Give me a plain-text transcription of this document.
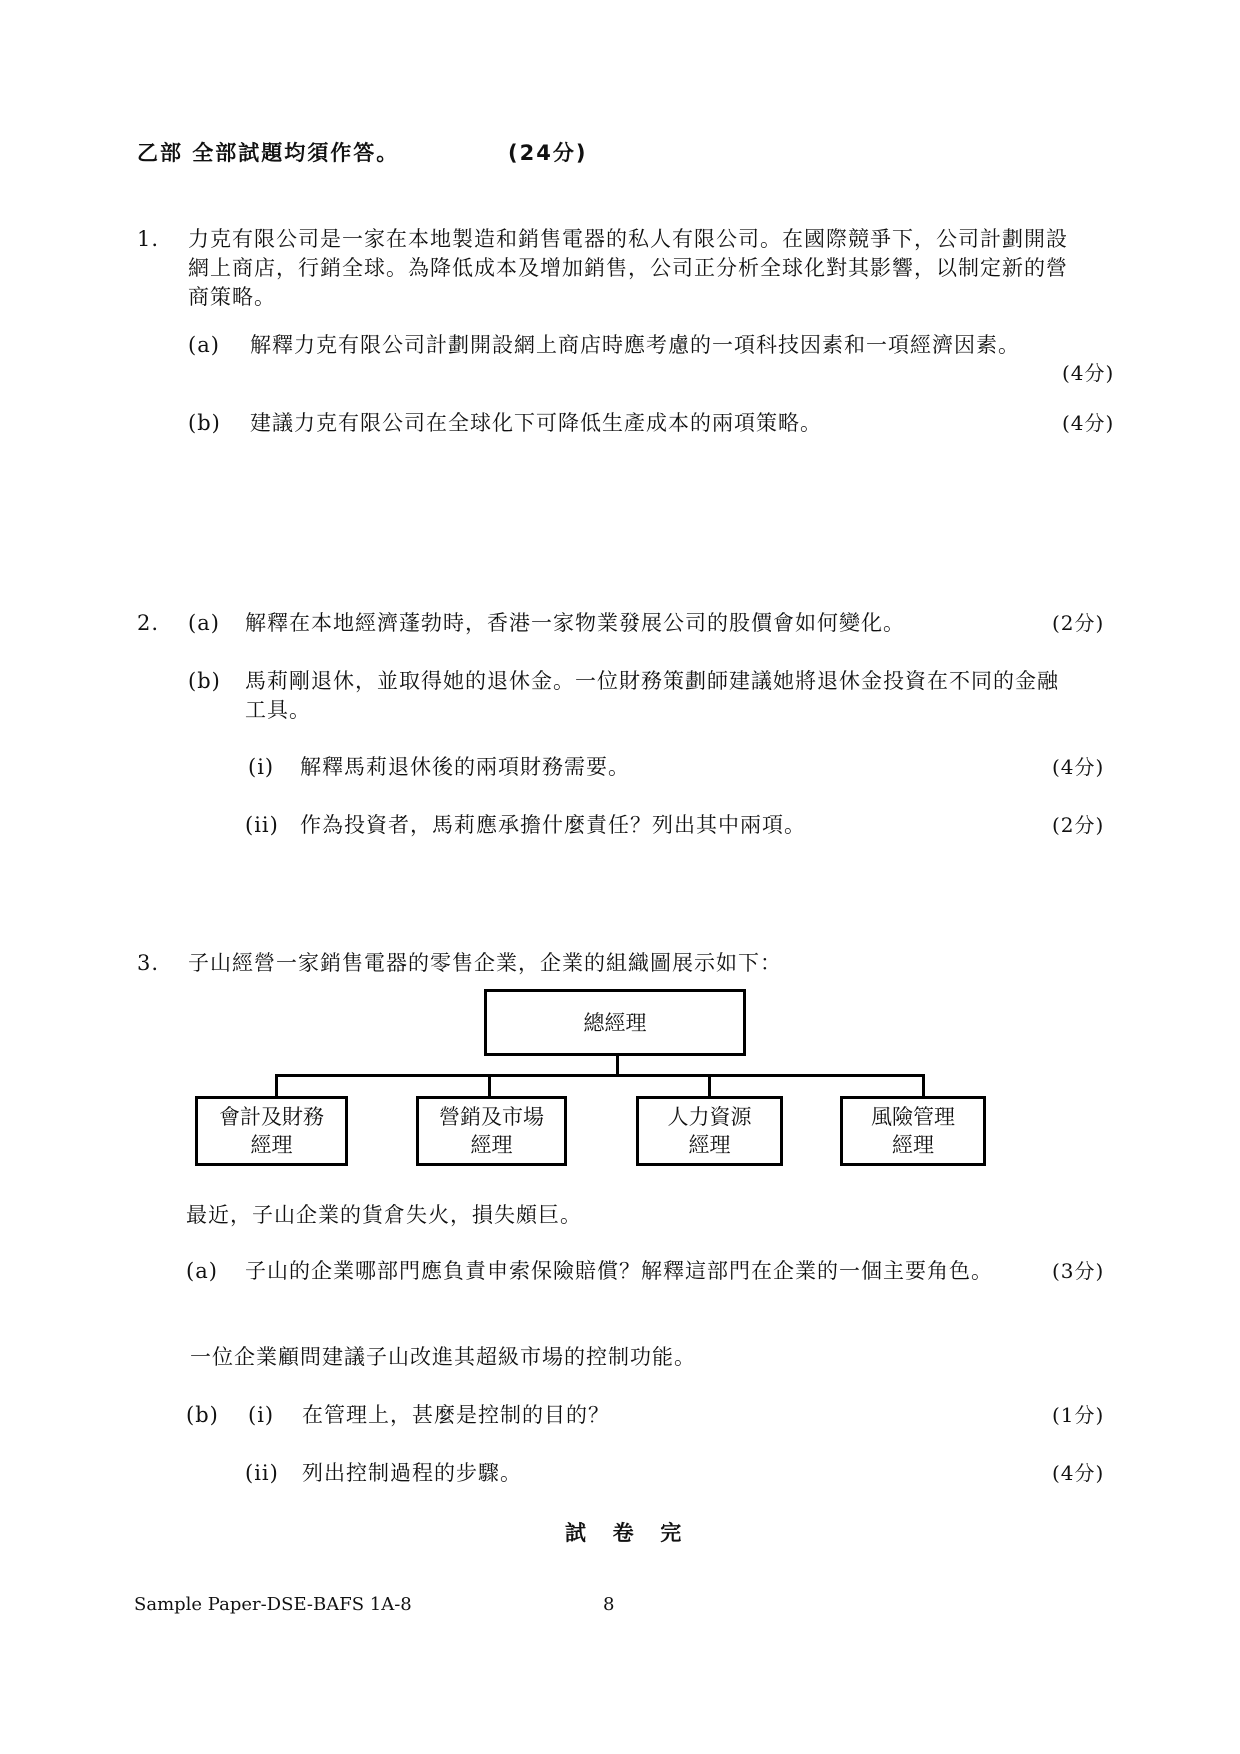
乙部 全部試題均須作答。	(24分)
1. 力克有限公司是一家在本地製造和銷售電器的私人有限公司。在國際競爭下，公司計劃開設
網上商店，行銷全球。為降低成本及增加銷售，公司正分析全球化對其影響，以制定新的營
商策略。
(a) 解釋力克有限公司計劃開設網上商店時應考慮的一項科技因素和一項經濟因素。
(4分)
(b) 建議力克有限公司在全球化下可降低生產成本的兩項策略。	(4分)
2. (a) 解釋在本地經濟蓬勃時，香港一家物業發展公司的股價會如何變化。	(2分)
(b) 馬莉剛退休，並取得她的退休金。一位財務策劃師建議她將退休金投資在不同的金融
工具。
(i) 解釋馬莉退休後的兩項財務需要。	(4分)
(ii) 作為投資者，馬莉應承擔什麼責任？列出其中兩項。	(2分)
3. 子山經營一家銷售電器的零售企業，企業的組織圖展示如下：
總經理
會計及財務
經理
營銷及市場
經理
人力資源
經理
風險管理
經理
最近，子山企業的貨倉失火，損失頗巨。
(a) 子山的企業哪部門應負責申索保險賠償？解釋這部門在企業的一個主要角色。	(3分)
一位企業顧問建議子山改進其超級市場的控制功能。
(b) (i) 在管理上，甚麼是控制的目的？	(1分)
(ii) 列出控制過程的步驟。	(4分)
試  卷  完
Sample Paper-DSE-BAFS 1A-8	8
